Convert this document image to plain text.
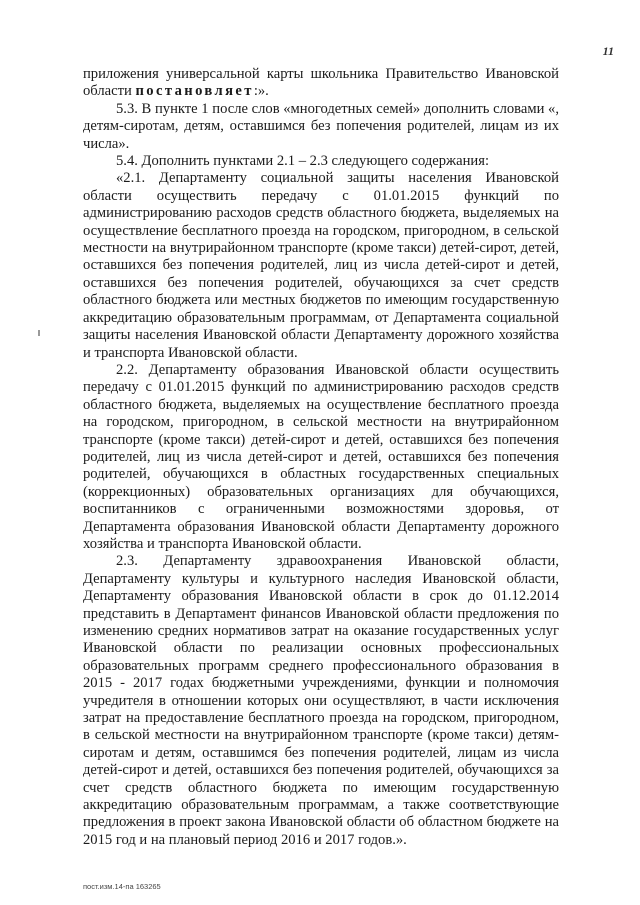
11

приложения универсальной карты школьника Правительство Ивановской области постановляет:».

5.3. В пункте 1 после слов «многодетных семей» дополнить словами «, детям-сиротам, детям, оставшимся без попечения родителей, лицам из их числа».

5.4. Дополнить пунктами 2.1 – 2.3 следующего содержания:

«2.1. Департаменту социальной защиты населения Ивановской области осуществить передачу с 01.01.2015 функций по администрированию расходов средств областного бюджета, выделяемых на осуществление бесплатного проезда на городском, пригородном, в сельской местности на внутрирайонном транспорте (кроме такси) детей-сирот, детей, оставшихся без попечения родителей, лиц из числа детей-сирот и детей, оставшихся без попечения родителей, обучающихся за счет средств областного бюджета или местных бюджетов по имеющим государственную аккредитацию образовательным программам, от Департамента социальной защиты населения Ивановской области Департаменту дорожного хозяйства и транспорта Ивановской области.

2.2. Департаменту образования Ивановской области осуществить передачу с 01.01.2015 функций по администрированию расходов средств областного бюджета, выделяемых на осуществление бесплатного проезда на городском, пригородном, в сельской местности на внутрирайонном транспорте (кроме такси) детей-сирот и детей, оставшихся без попечения родителей, лиц из числа детей-сирот и детей, оставшихся без попечения родителей, обучающихся в областных государственных специальных (коррекционных) образовательных организациях для обучающихся, воспитанников с ограниченными возможностями здоровья, от Департамента образования Ивановской области Департаменту дорожного хозяйства и транспорта Ивановской области.

2.3. Департаменту здравоохранения Ивановской области, Департаменту культуры и культурного наследия Ивановской области, Департаменту образования Ивановской области в срок до 01.12.2014 представить в Департамент финансов Ивановской области предложения по изменению средних нормативов затрат на оказание государственных услуг Ивановской области по реализации основных профессиональных образовательных программ среднего профессионального образования в 2015 - 2017 годах бюджетными учреждениями, функции и полномочия учредителя в отношении которых они осуществляют, в части исключения затрат на предоставление бесплатного проезда на городском, пригородном, в сельской местности на внутрирайонном транспорте (кроме такси) детям-сиротам и детям, оставшимся без попечения родителей, лицам из числа детей-сирот и детей, оставшихся без попечения родителей, обучающихся за счет средств областного бюджета по имеющим государственную аккредитацию образовательным программам, а также соответствующие предложения в проект закона Ивановской области об областном бюджете на 2015 год и на плановый период 2016 и 2017 годов.».

пост.изм.14-па 163265
